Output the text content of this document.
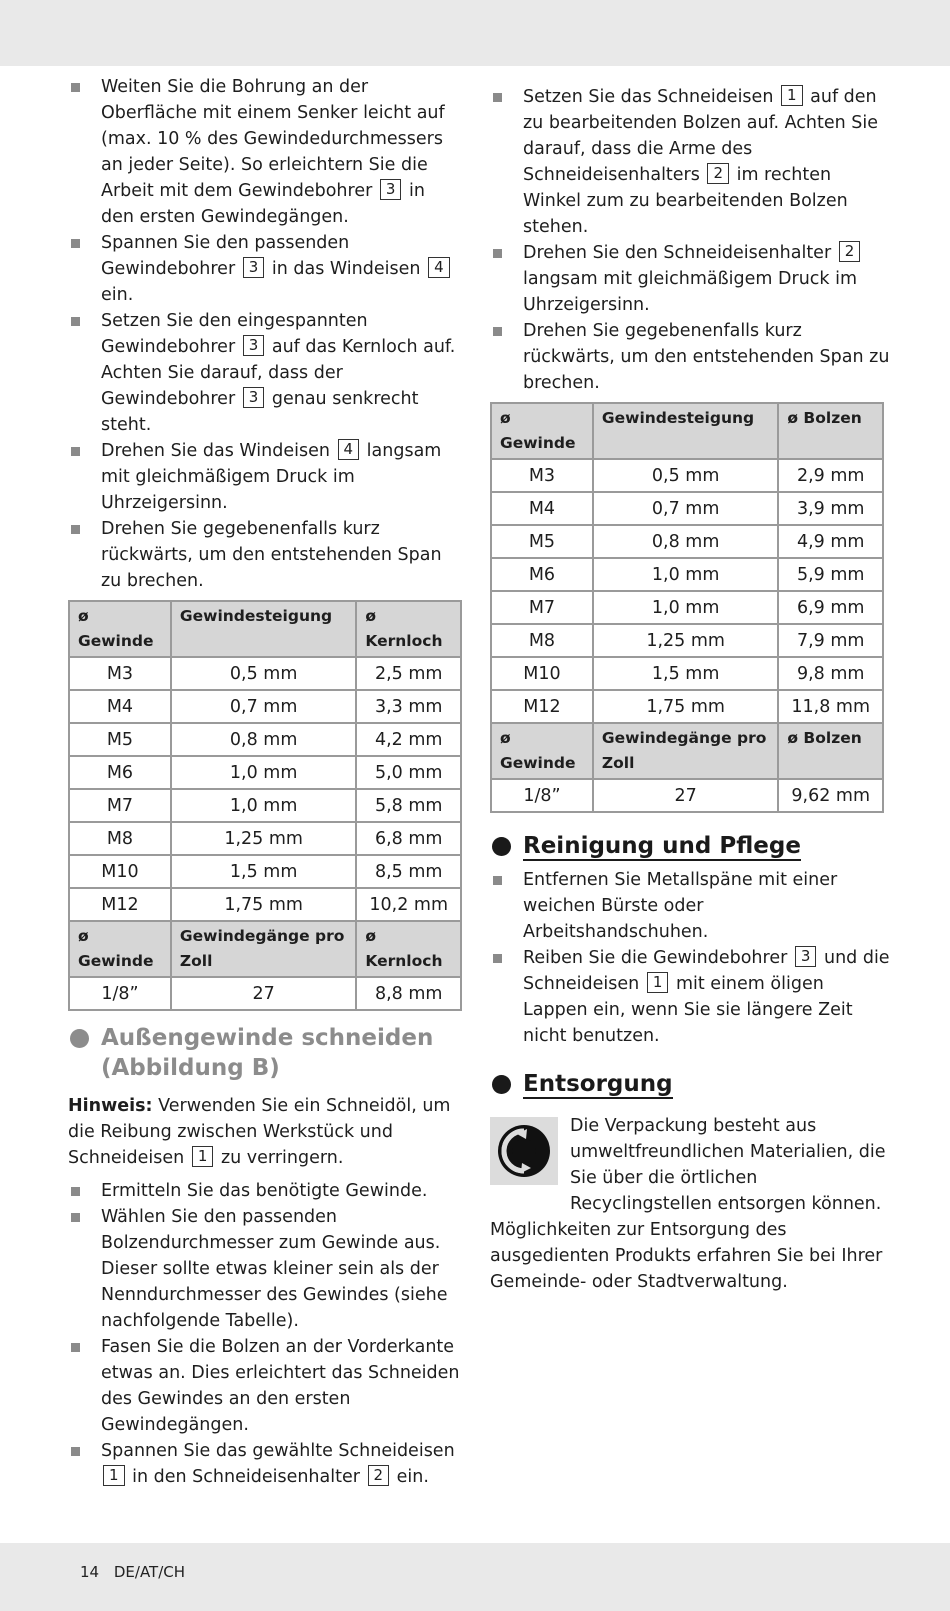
Weiten Sie die Bohrung an der Oberfläche mit einem Senker leicht auf (max. 10 % des Gewindedurchmessers an jeder Seite). So erleichtern Sie die Arbeit mit dem Gewindebohrer 3 in den ersten Gewindegängen.
Spannen Sie den passenden Gewindebohrer 3 in das Windeisen 4 ein.
Setzen Sie den eingespannten Gewindebohrer 3 auf das Kernloch auf. Achten Sie darauf, dass der Gewindebohrer 3 genau senkrecht steht.
Drehen Sie das Windeisen 4 langsam mit gleichmäßigem Druck im Uhrzeigersinn.
Drehen Sie gegebenenfalls kurz rückwärts, um den entstehenden Span zu brechen.
ø Gewinde	Gewindesteigung	ø Kernloch
M3	0,5 mm	2,5 mm
M4	0,7 mm	3,3 mm
M5	0,8 mm	4,2 mm
M6	1,0 mm	5,0 mm
M7	1,0 mm	5,8 mm
M8	1,25 mm	6,8 mm
M10	1,5 mm	8,5 mm
M12	1,75 mm	10,2 mm
ø Gewinde	Gewindegänge pro Zoll	ø Kernloch
1/8”	27	8,8 mm
Außengewinde schneiden (Abbildung B)

Hinweis: Verwenden Sie ein Schneidöl, um die Reibung zwischen Werkstück und Schneideisen 1 zu verringern.

Ermitteln Sie das benötigte Gewinde.
Wählen Sie den passenden Bolzendurchmesser zum Gewinde aus. Dieser sollte etwas kleiner sein als der Nenndurchmesser des Gewindes (siehe nachfolgende Tabelle).
Fasen Sie die Bolzen an der Vorderkante etwas an. Dies erleichtert das Schneiden des Gewindes an den ersten Gewindegängen.
Spannen Sie das gewählte Schneideisen 1 in den Schneideisenhalter 2 ein.
Setzen Sie das Schneideisen 1 auf den zu bearbeitenden Bolzen auf. Achten Sie darauf, dass die Arme des Schneideisenhalters 2 im rechten Winkel zum zu bearbeitenden Bolzen stehen.
Drehen Sie den Schneideisenhalter 2 langsam mit gleichmäßigem Druck im Uhrzeigersinn.
Drehen Sie gegebenenfalls kurz rückwärts, um den entstehenden Span zu brechen.
ø Gewinde	Gewindesteigung	ø Bolzen
M3	0,5 mm	2,9 mm
M4	0,7 mm	3,9 mm
M5	0,8 mm	4,9 mm
M6	1,0 mm	5,9 mm
M7	1,0 mm	6,9 mm
M8	1,25 mm	7,9 mm
M10	1,5 mm	9,8 mm
M12	1,75 mm	11,8 mm
ø Gewinde	Gewindegänge pro Zoll	ø Bolzen
1/8”	27	9,62 mm
Reinigung und Pflege
Entfernen Sie Metallspäne mit einer weichen Bürste oder Arbeitshandschuhen.
Reiben Sie die Gewindebohrer 3 und die Schneideisen 1 mit einem öligen Lappen ein, wenn Sie sie längere Zeit nicht benutzen.
Entsorgung

Die Verpackung besteht aus umweltfreundlichen Materialien, die Sie über die örtlichen Recyclingstellen entsorgen können.

Möglichkeiten zur Entsorgung des ausgedienten Produkts erfahren Sie bei Ihrer Gemeinde- oder Stadtverwaltung.

14 DE/AT/CH
